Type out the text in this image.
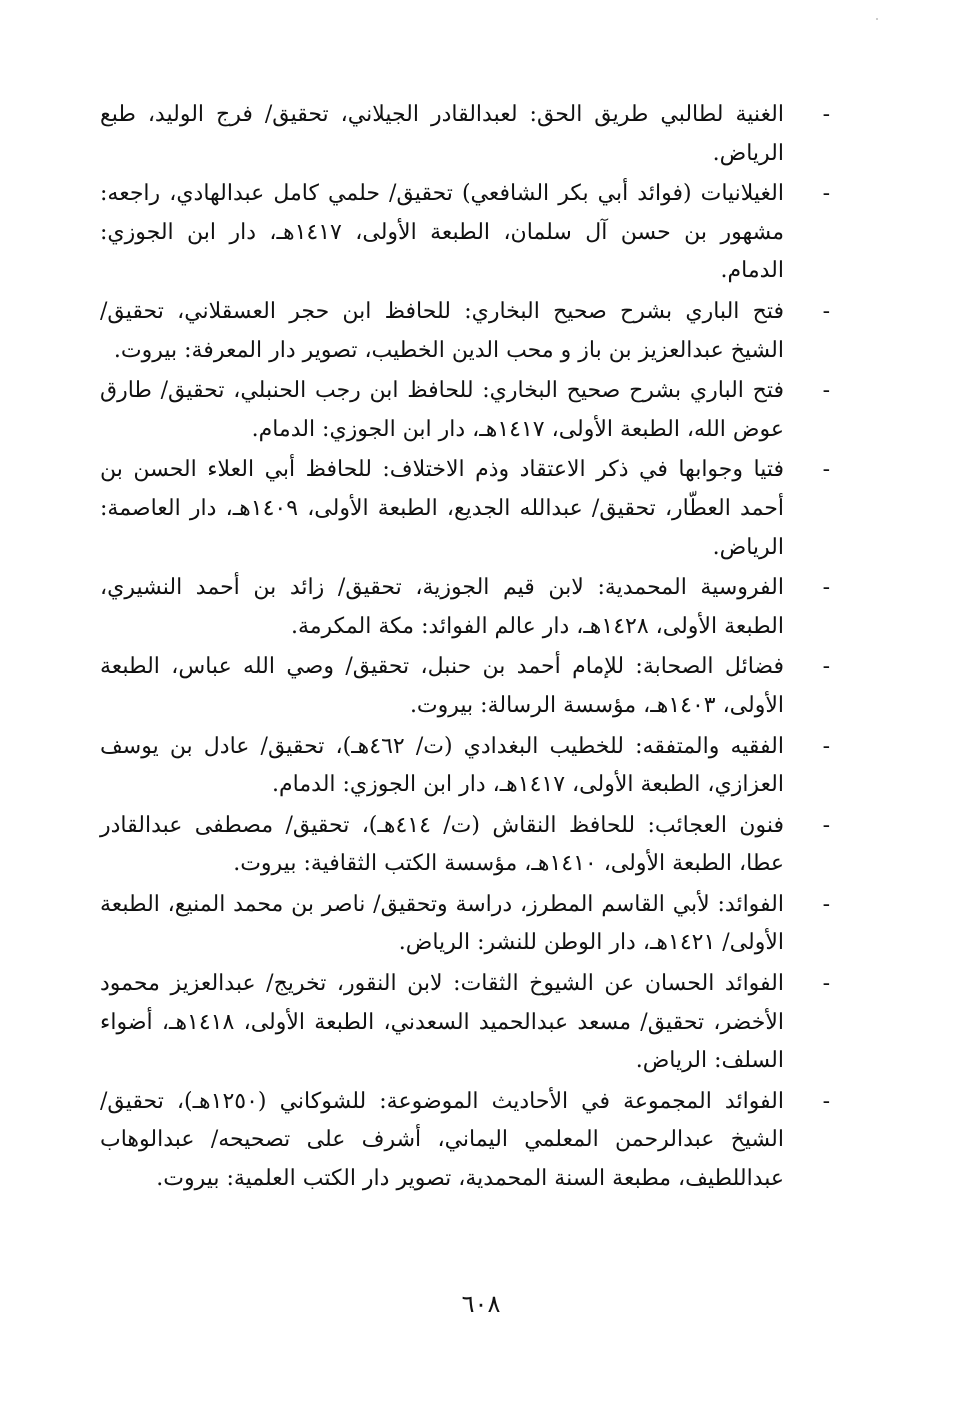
-
الغنية لطالبي طريق الحق: لعبدالقادر الجيلاني، تحقيق/ فرج الوليد، طبع الرياض.
-
الغيلانيات (فوائد أبي بكر الشافعي) تحقيق/ حلمي كامل عبدالهادي، راجعه: مشهور بن حسن آل سلمان، الطبعة الأولى، ١٤١٧هـ، دار ابن الجوزي: الدمام.
-
فتح الباري بشرح صحيح البخاري: للحافظ ابن حجر العسقلاني، تحقيق/ الشيخ عبدالعزيز بن باز و محب الدين الخطيب، تصوير دار المعرفة: بيروت.
-
فتح الباري بشرح صحيح البخاري: للحافظ ابن رجب الحنبلي، تحقيق/ طارق عوض الله، الطبعة الأولى، ١٤١٧هـ، دار ابن الجوزي: الدمام.
-
فتيا وجوابها في ذكر الاعتقاد وذم الاختلاف: للحافظ أبي العلاء الحسن بن أحمد العطّار، تحقيق/ عبدالله الجديع، الطبعة الأولى، ١٤٠٩هـ، دار العاصمة: الرياض.
-
الفروسية المحمدية: لابن قيم الجوزية، تحقيق/ زائد بن أحمد النشيري، الطبعة الأولى، ١٤٢٨هـ، دار عالم الفوائد: مكة المكرمة.
-
فضائل الصحابة: للإمام أحمد بن حنبل، تحقيق/ وصي الله عباس، الطبعة الأولى، ١٤٠٣هـ، مؤسسة الرسالة: بيروت.
-
الفقيه والمتفقه: للخطيب البغدادي (ت/ ٤٦٢هـ)، تحقيق/ عادل بن يوسف العزازي، الطبعة الأولى، ١٤١٧هـ، دار ابن الجوزي: الدمام.
-
فنون العجائب: للحافظ النقاش (ت/ ٤١٤هـ)، تحقيق/ مصطفى عبدالقادر عطا، الطبعة الأولى، ١٤١٠هـ، مؤسسة الكتب الثقافية: بيروت.
-
الفوائد: لأبي القاسم المطرز، دراسة وتحقيق/ ناصر بن محمد المنيع، الطبعة الأولى/ ١٤٢١هـ، دار الوطن للنشر: الرياض.
-
الفوائد الحسان عن الشيوخ الثقات: لابن النقور، تخريج/ عبدالعزيز محمود الأخضر، تحقيق/ مسعد عبدالحميد السعدني، الطبعة الأولى، ١٤١٨هـ، أضواء السلف: الرياض.
-
الفوائد المجموعة في الأحاديث الموضوعة: للشوكاني (١٢٥٠هـ)، تحقيق/ الشيخ عبدالرحمن المعلمي اليماني، أشرف على تصحيحه/ عبدالوهاب عبداللطيف، مطبعة السنة المحمدية، تصوير دار الكتب العلمية: بيروت.
٦٠٨
